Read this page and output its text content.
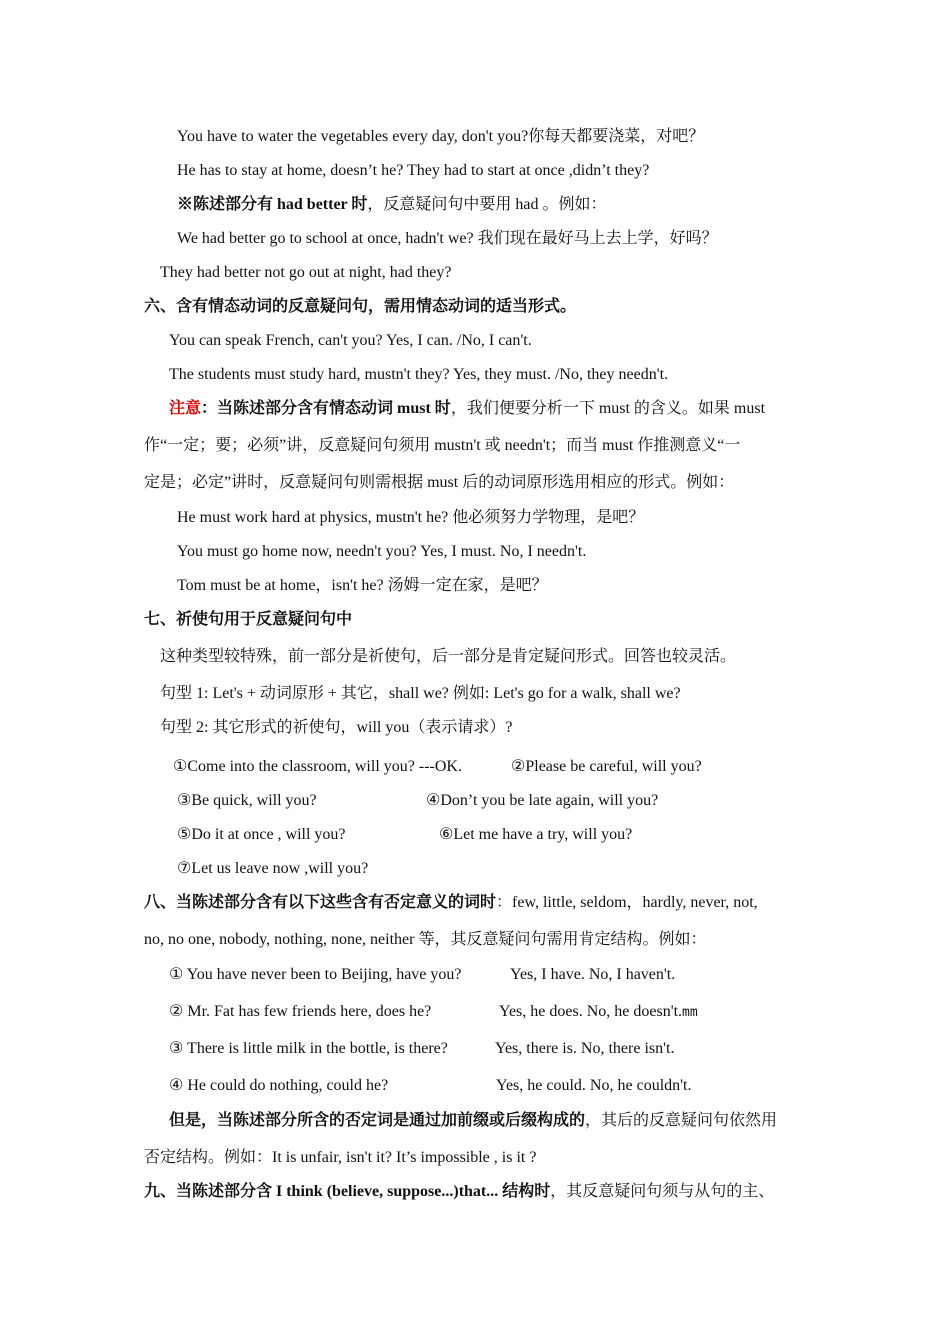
You have to water the vegetables every day, don't you?你每天都要浇菜，对吧？
He has to stay at home, doesn’t he? They had to start at once ,didn’t they?
※陈述部分有 had better 时，反意疑问句中要用 had 。例如：
We had better go to school at once, hadn't we? 我们现在最好马上去上学，好吗？
They had better not go out at night, had they?
六、含有情态动词的反意疑问句，需用情态动词的适当形式。
You can speak French, can't you? Yes, I can. /No, I can't.
The students must study hard, mustn't they? Yes, they must. /No, they needn't.
注意：当陈述部分含有情态动词 must 时，我们便要分析一下 must 的含义。如果 must
作“一定；要；必须”讲，反意疑问句须用 mustn't 或 needn't；而当 must 作推测意义“一
定是；必定”讲时，反意疑问句则需根据 must 后的动词原形选用相应的形式。例如：
He must work hard at physics, mustn't he? 他必须努力学物理，是吧？
You must go home now, needn't you? Yes, I must. No, I needn't.
Tom must be at home，isn't he? 汤姆一定在家，是吧？
七、祈使句用于反意疑问句中
这种类型较特殊，前一部分是祈使句，后一部分是肯定疑问形式。回答也较灵活。
句型 1: Let's + 动词原形 + 其它，shall we? 例如: Let's go for a walk, shall we?
句型 2: 其它形式的祈使句，will you（表示请求）?
①Come into the classroom, will you? ---OK.	②Please be careful, will you?
③Be quick, will you?	④Don’t you be late again, will you?
⑤Do it at once , will you?	⑥Let me have a try, will you?
⑦Let us leave now ,will you?
八、当陈述部分含有以下这些含有否定意义的词时：few, little, seldom，hardly, never, not,
no, no one, nobody, nothing, none, neither 等，其反意疑问句需用肯定结构。例如：
① You have never been to Beijing, have you?	Yes, I have. No, I haven't.
② Mr. Fat has few friends here, does he?	Yes, he does. No, he doesn't.mm
③ There is little milk in the bottle, is there?	Yes, there is. No, there isn't.
④ He could do nothing, could he?	Yes, he could. No, he couldn't.
但是，当陈述部分所含的否定词是通过加前缀或后缀构成的，其后的反意疑问句依然用
否定结构。例如：It is unfair, isn't it? It’s impossible , is it ?
九、当陈述部分含 I think (believe, suppose...)that... 结构时，其反意疑问句须与从句的主、
